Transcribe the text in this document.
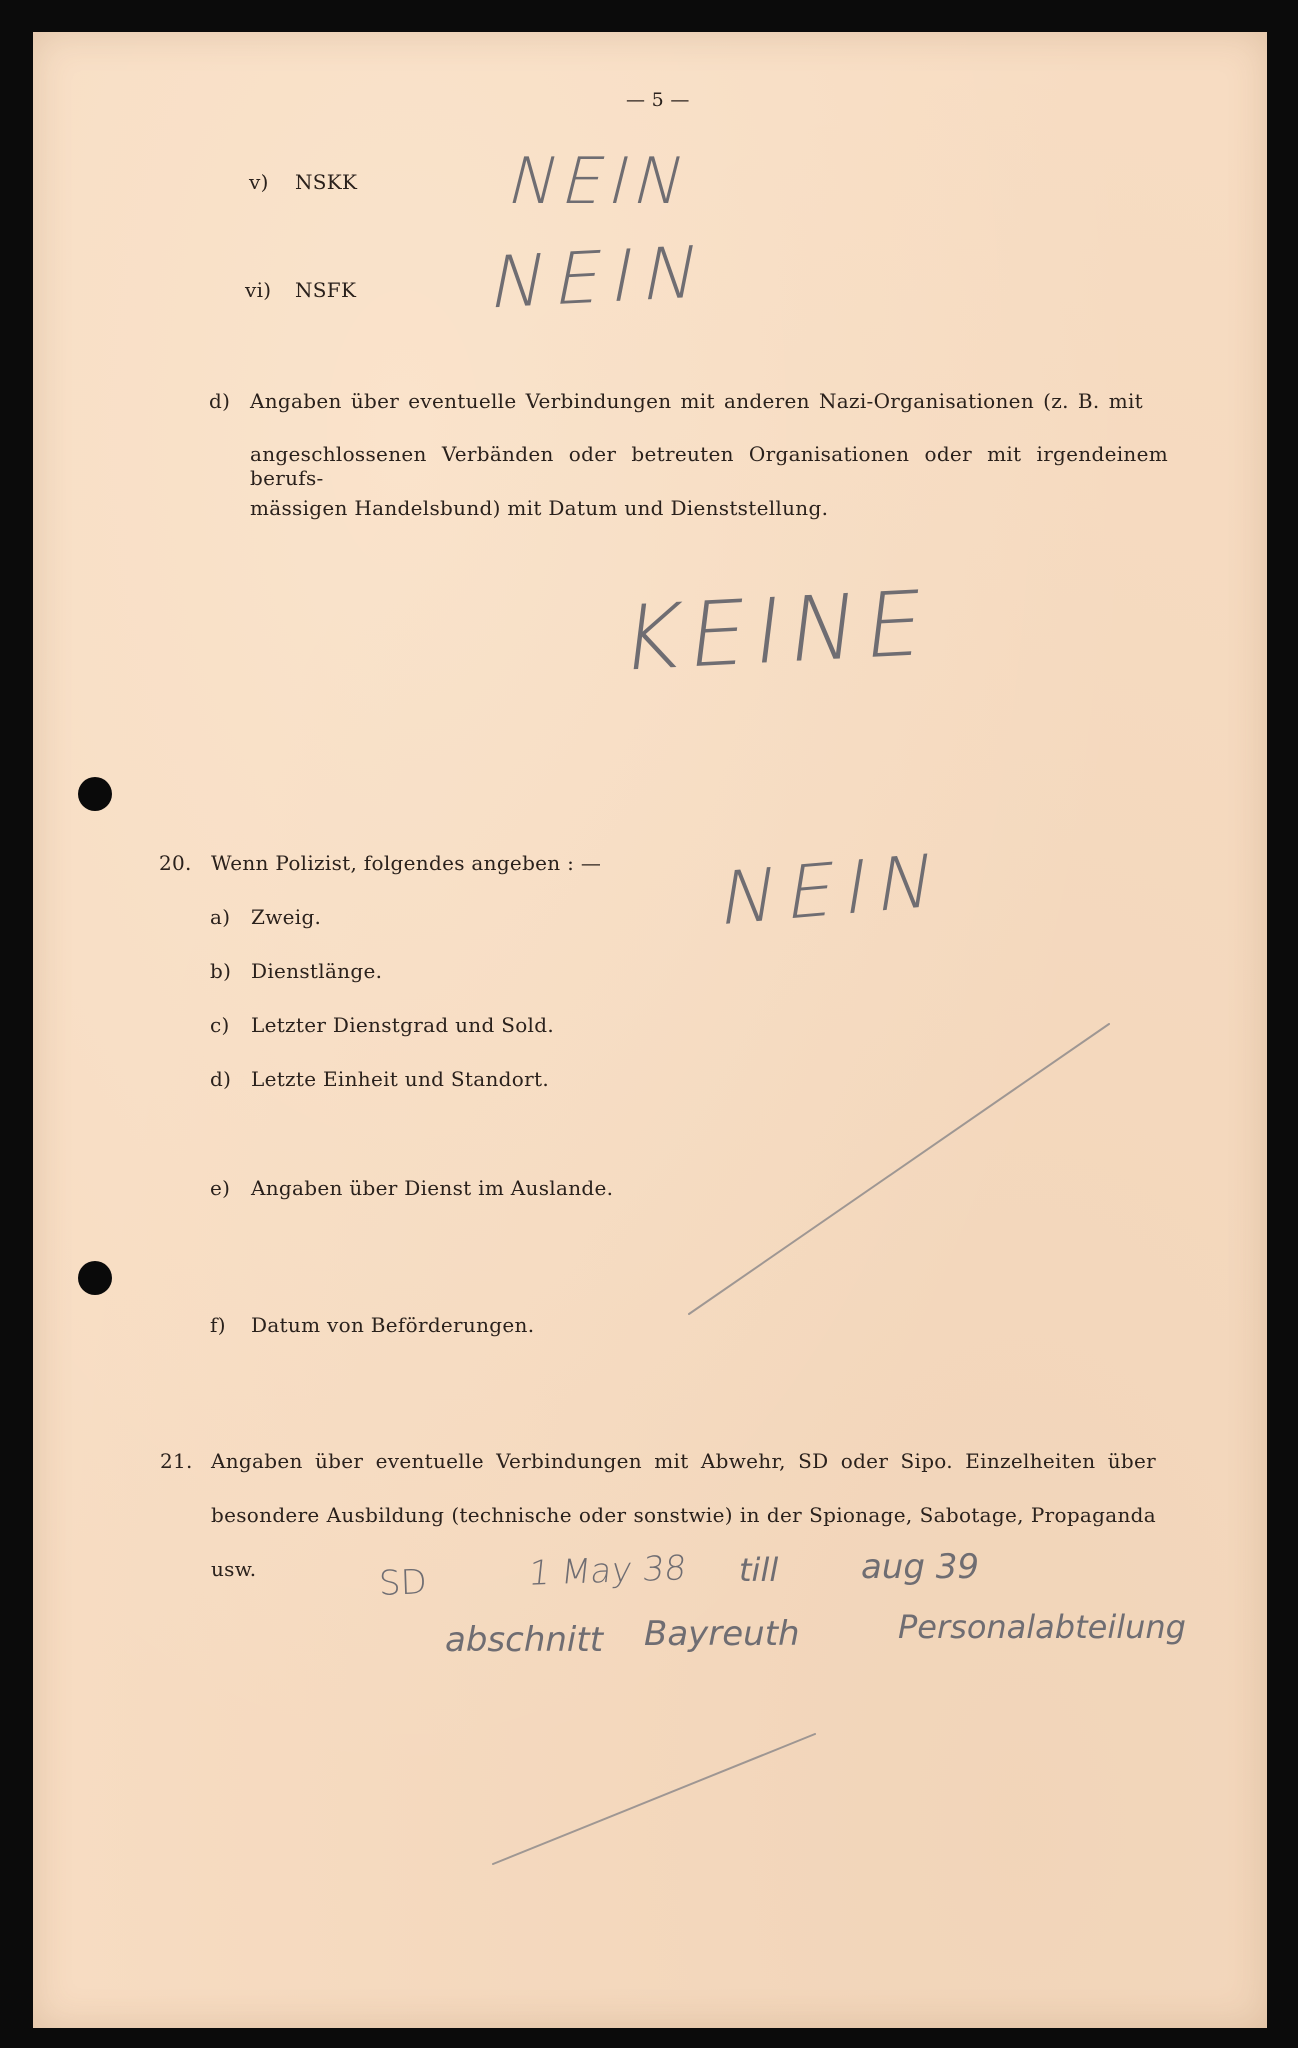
— 5 —
v) NSKK NEIN
vi) NSFK NEIN
d) Angaben über eventuelle Verbindungen mit anderen Nazi-Organisationen (z. B. mit
angeschlossenen Verbänden oder betreuten Organisationen oder mit irgendeinem berufs-
mässigen Handelsbund) mit Datum und Dienststellung.
KEINE
20. Wenn Polizist, folgendes angeben : — NEIN
a) Zweig.
b) Dienstlänge.
c) Letzter Dienstgrad und Sold.
d) Letzte Einheit und Standort.
e) Angaben über Dienst im Auslande.
f) Datum von Beförderungen.
21. Angaben über eventuelle Verbindungen mit Abwehr, SD oder Sipo. Einzelheiten über
besondere Ausbildung (technische oder sonstwie) in der Spionage, Sabotage, Propaganda
usw.	SD	1 May 38 till aug 39
abschnitt Bayreuth	Personalabteilung
